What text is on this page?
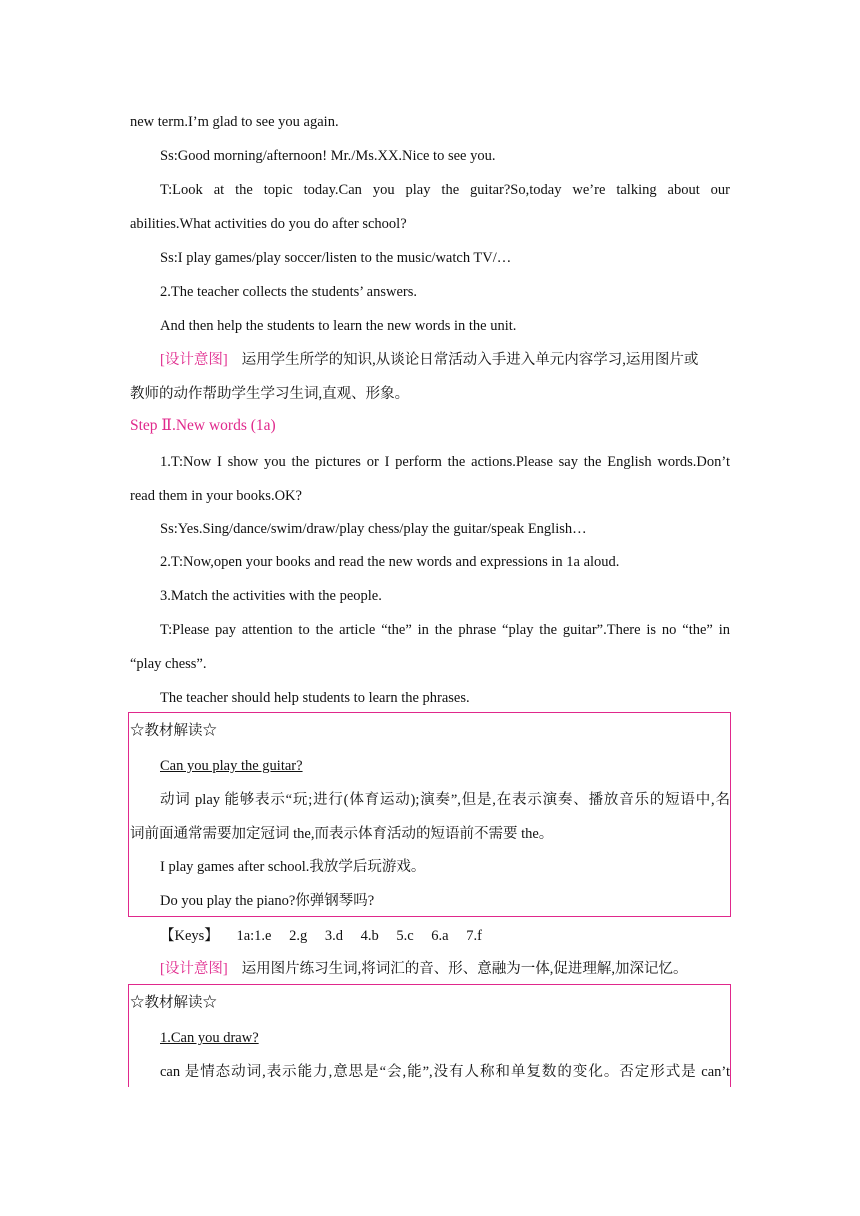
new term.I’m glad to see you again.
Ss:Good morning/afternoon! Mr./Ms.XX.Nice to see you.
T:Look at the topic today.Can you play the guitar?So,today we’re talking about our
abilities.What activities do you do after school?
Ss:I play games/play soccer/listen to the music/watch TV/…
2.The teacher collects the students’ answers.
And then help the students to learn the new words in the unit.
[设计意图] 运用学生所学的知识,从谈论日常活动入手进入单元内容学习,运用图片或
教师的动作帮助学生学习生词,直观、形象。
Step Ⅱ.New words (1a)
1.T:Now I show you the pictures or I perform the actions.Please say the English words.Don’t
read them in your books.OK?
Ss:Yes.Sing/dance/swim/draw/play chess/play the guitar/speak English…
2.T:Now,open your books and read the new words and expressions in 1a aloud.
3.Match the activities with the people.
T:Please pay attention to the article “the” in the phrase “play the guitar”.There is no “the” in
“play chess”.
The teacher should help students to learn the phrases.
☆教材解读☆
Can you play the guitar?
动词 play 能够表示“玩;进行(体育运动);演奏”,但是,在表示演奏、播放音乐的短语中,名
词前面通常需要加定冠词 the,而表示体育活动的短语前不需要 the。
I play games after school.我放学后玩游戏。
Do you play the piano?你弹钢琴吗?
【Keys】 1a:1.e 2.g 3.d 4.b 5.c 6.a 7.f
[设计意图] 运用图片练习生词,将词汇的音、形、意融为一体,促进理解,加深记忆。
☆教材解读☆
1.Can you draw?
can 是情态动词,表示能力,意思是“会,能”,没有人称和单复数的变化。否定形式是 can’t
